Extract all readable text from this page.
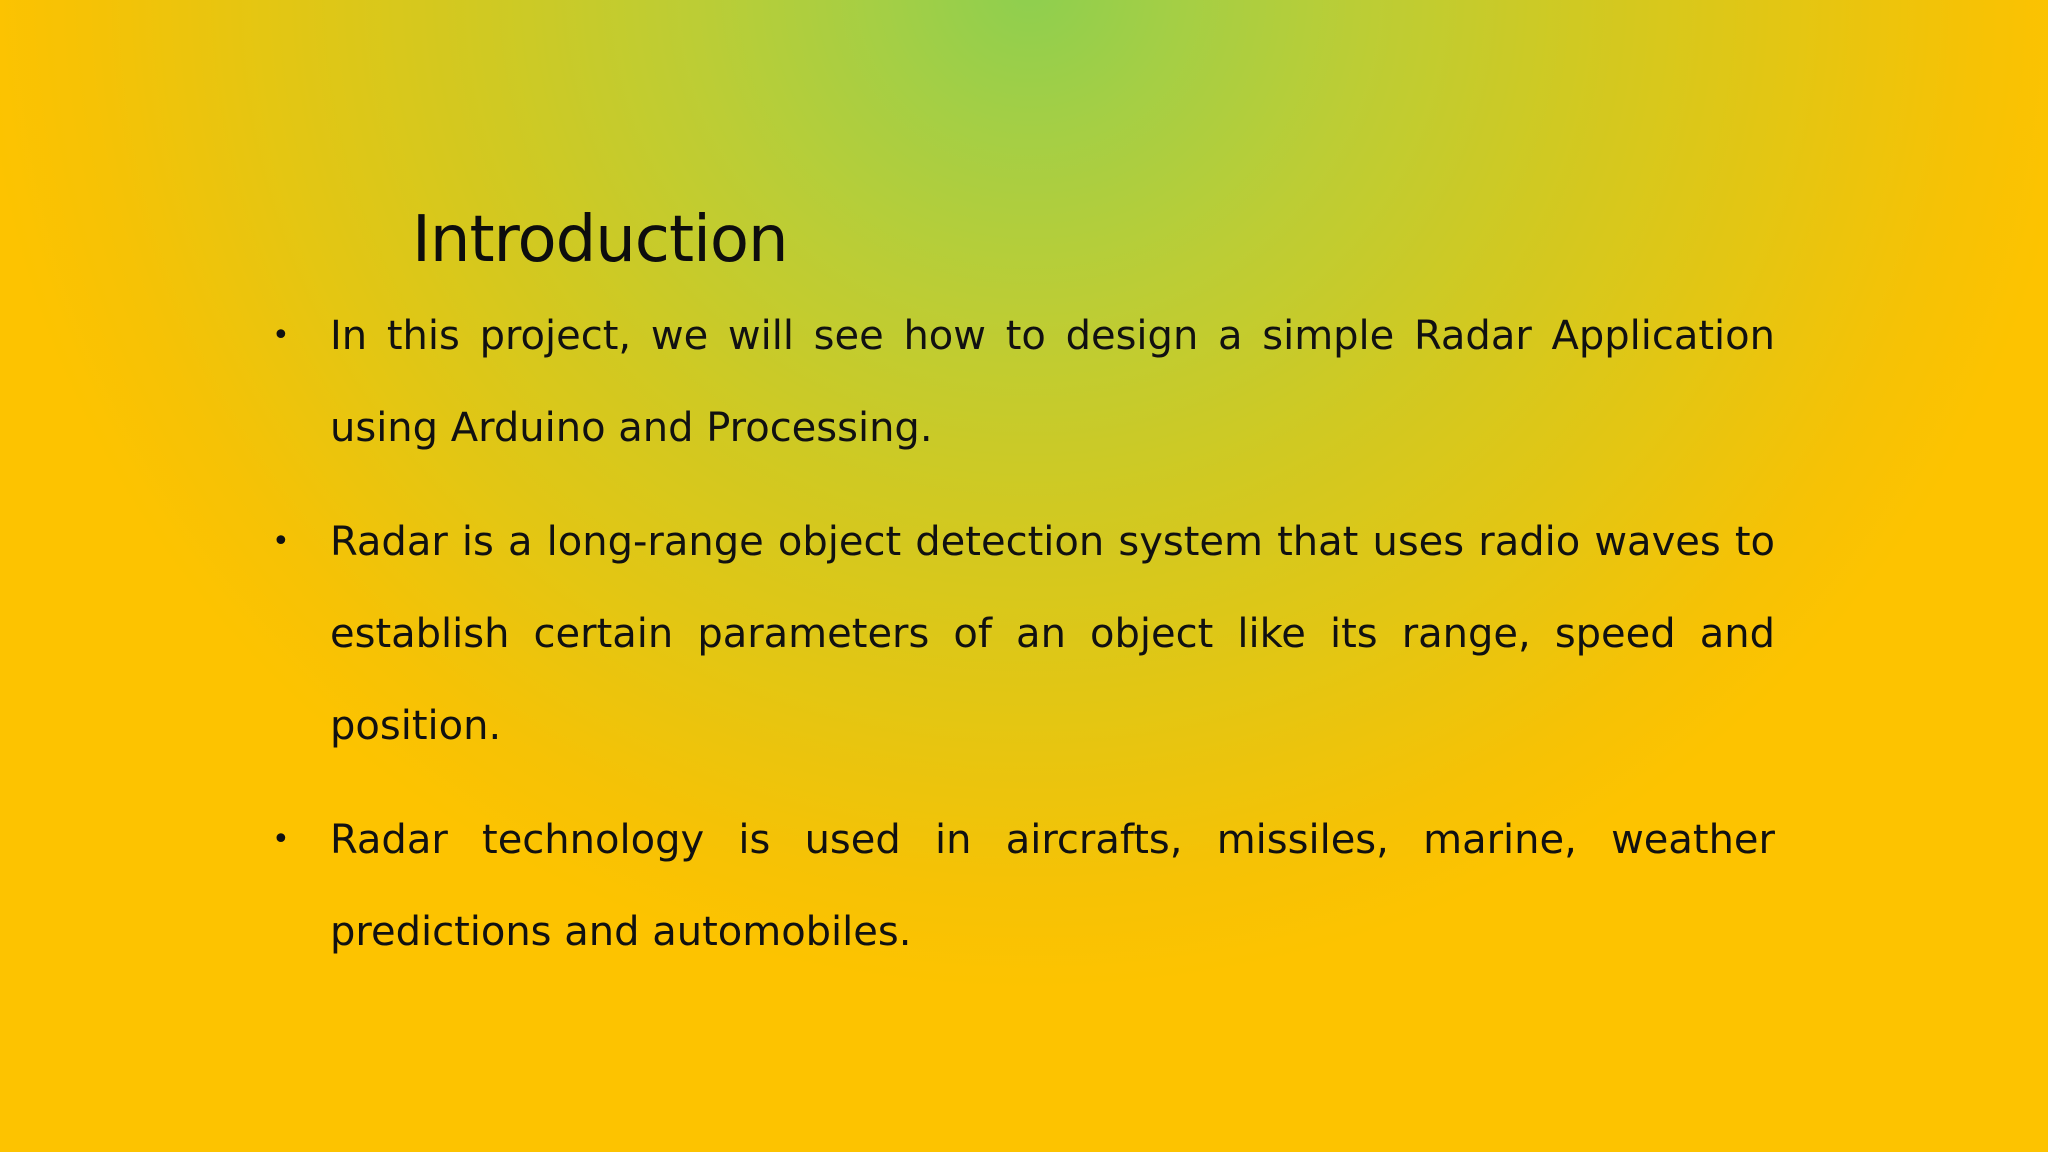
Introduction
• In this project, we will see how to design a simple Radar Application using Arduino and Processing.
• Radar is a long-range object detection system that uses radio waves to establish certain parameters of an object like its range, speed and position.
• Radar technology is used in aircrafts, missiles, marine, weather predictions and automobiles.
